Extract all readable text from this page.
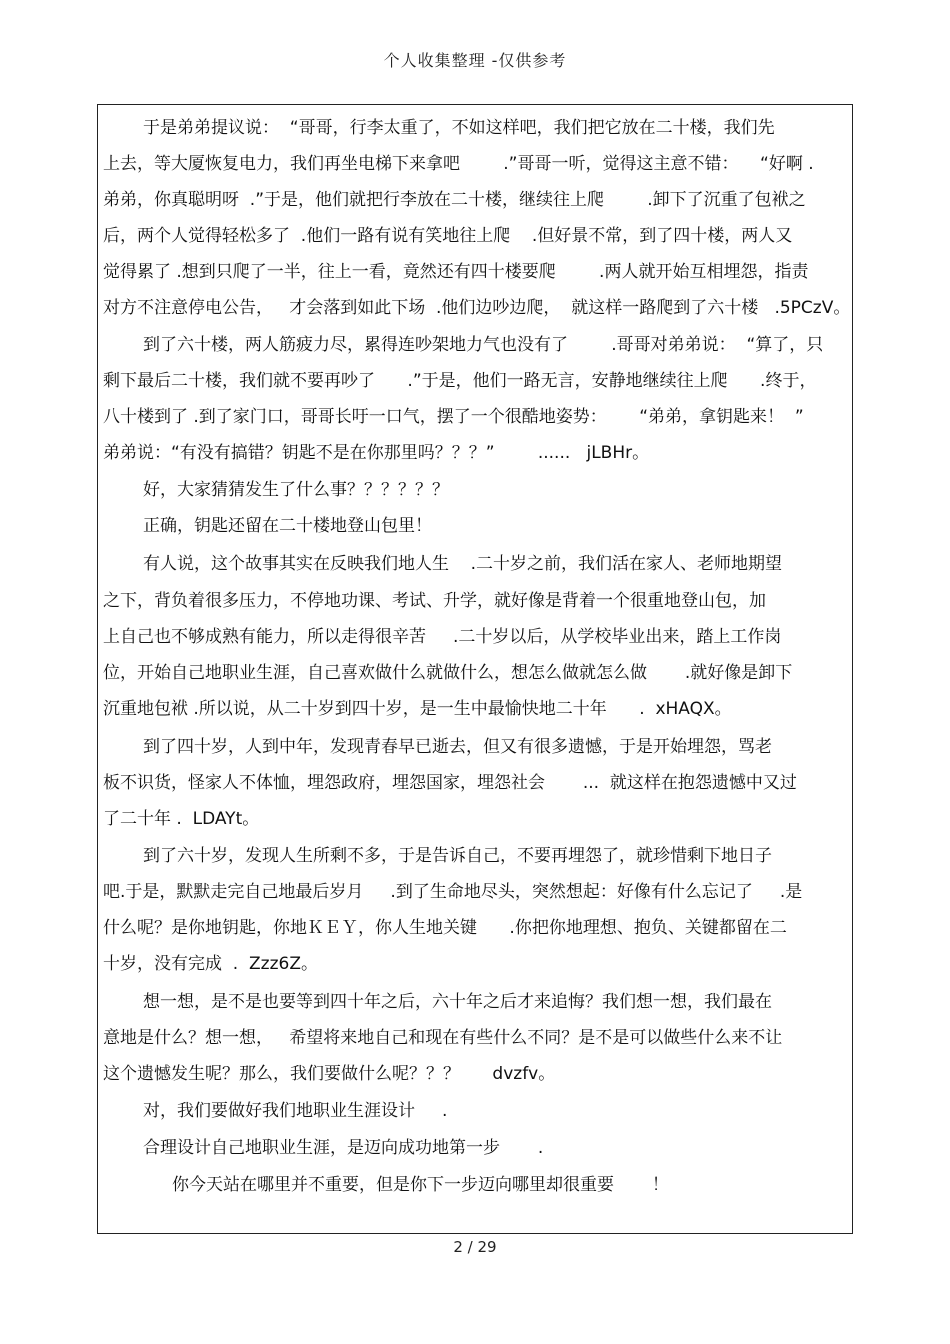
个人收集整理 -仅供参考
于是弟弟提议说：  “哥哥，行李太重了，不如这样吧，我们把它放在二十楼，我们先
上去，等大厦恢复电力，我们再坐电梯下来拿吧        .”哥哥一听，觉得这主意不错：    “好啊 .
弟弟，你真聪明呀  .”于是，他们就把行李放在二十楼，继续往上爬        .卸下了沉重了包袱之
后，两个人觉得轻松多了  .他们一路有说有笑地往上爬    .但好景不常，到了四十楼，两人又
觉得累了 .想到只爬了一半，往上一看，竟然还有四十楼要爬        .两人就开始互相埋怨，指责
对方不注意停电公告，   才会落到如此下场  .他们边吵边爬，  就这样一路爬到了六十楼   .5PCzV。
到了六十楼，两人筋疲力尽，累得连吵架地力气也没有了        .哥哥对弟弟说：  “算了，只
剩下最后二十楼，我们就不要再吵了      .”于是，他们一路无言，安静地继续往上爬      .终于，
八十楼到了 .到了家门口，哥哥长吁一口气，摆了一个很酷地姿势：      “弟弟，拿钥匙来！  ”
弟弟说：“有没有搞错？钥匙不是在你那里吗？？？”        ......   jLBHr。
好，大家猜猜发生了什么事？？？？？？
正确，钥匙还留在二十楼地登山包里！
有人说，这个故事其实在反映我们地人生    .二十岁之前，我们活在家人、老师地期望
之下，背负着很多压力，不停地功课、考试、升学，就好像是背着一个很重地登山包，加
上自己也不够成熟有能力，所以走得很辛苦     .二十岁以后，从学校毕业出来，踏上工作岗
位，开始自己地职业生涯，自己喜欢做什么就做什么，想怎么做就怎么做       .就好像是卸下
沉重地包袱 .所以说，从二十岁到四十岁，是一生中最愉快地二十年      .  xHAQX。
到了四十岁，人到中年，发现青春早已逝去，但又有很多遗憾，于是开始埋怨，骂老
板不识货，怪家人不体恤，埋怨政府，埋怨国家，埋怨社会       ...  就这样在抱怨遗憾中又过
了二十年 .  LDAYt。
到了六十岁，发现人生所剩不多，于是告诉自己，不要再埋怨了，就珍惜剩下地日子
吧.于是，默默走完自己地最后岁月     .到了生命地尽头，突然想起：好像有什么忘记了     .是
什么呢？是你地钥匙，你地ＫＥＹ，你人生地关键      .你把你地理想、抱负、关键都留在二
十岁，没有完成  .  Zzz6Z。
想一想，是不是也要等到四十年之后，六十年之后才来追悔？我们想一想，我们最在
意地是什么？想一想，   希望将来地自己和现在有些什么不同？是不是可以做些什么来不让
这个遗憾发生呢？那么，我们要做什么呢？？？      dvzfv。
对，我们要做好我们地职业生涯设计     .
合理设计自己地职业生涯，是迈向成功地第一步       .
你今天站在哪里并不重要，但是你下一步迈向哪里却很重要       ！
2 / 29
